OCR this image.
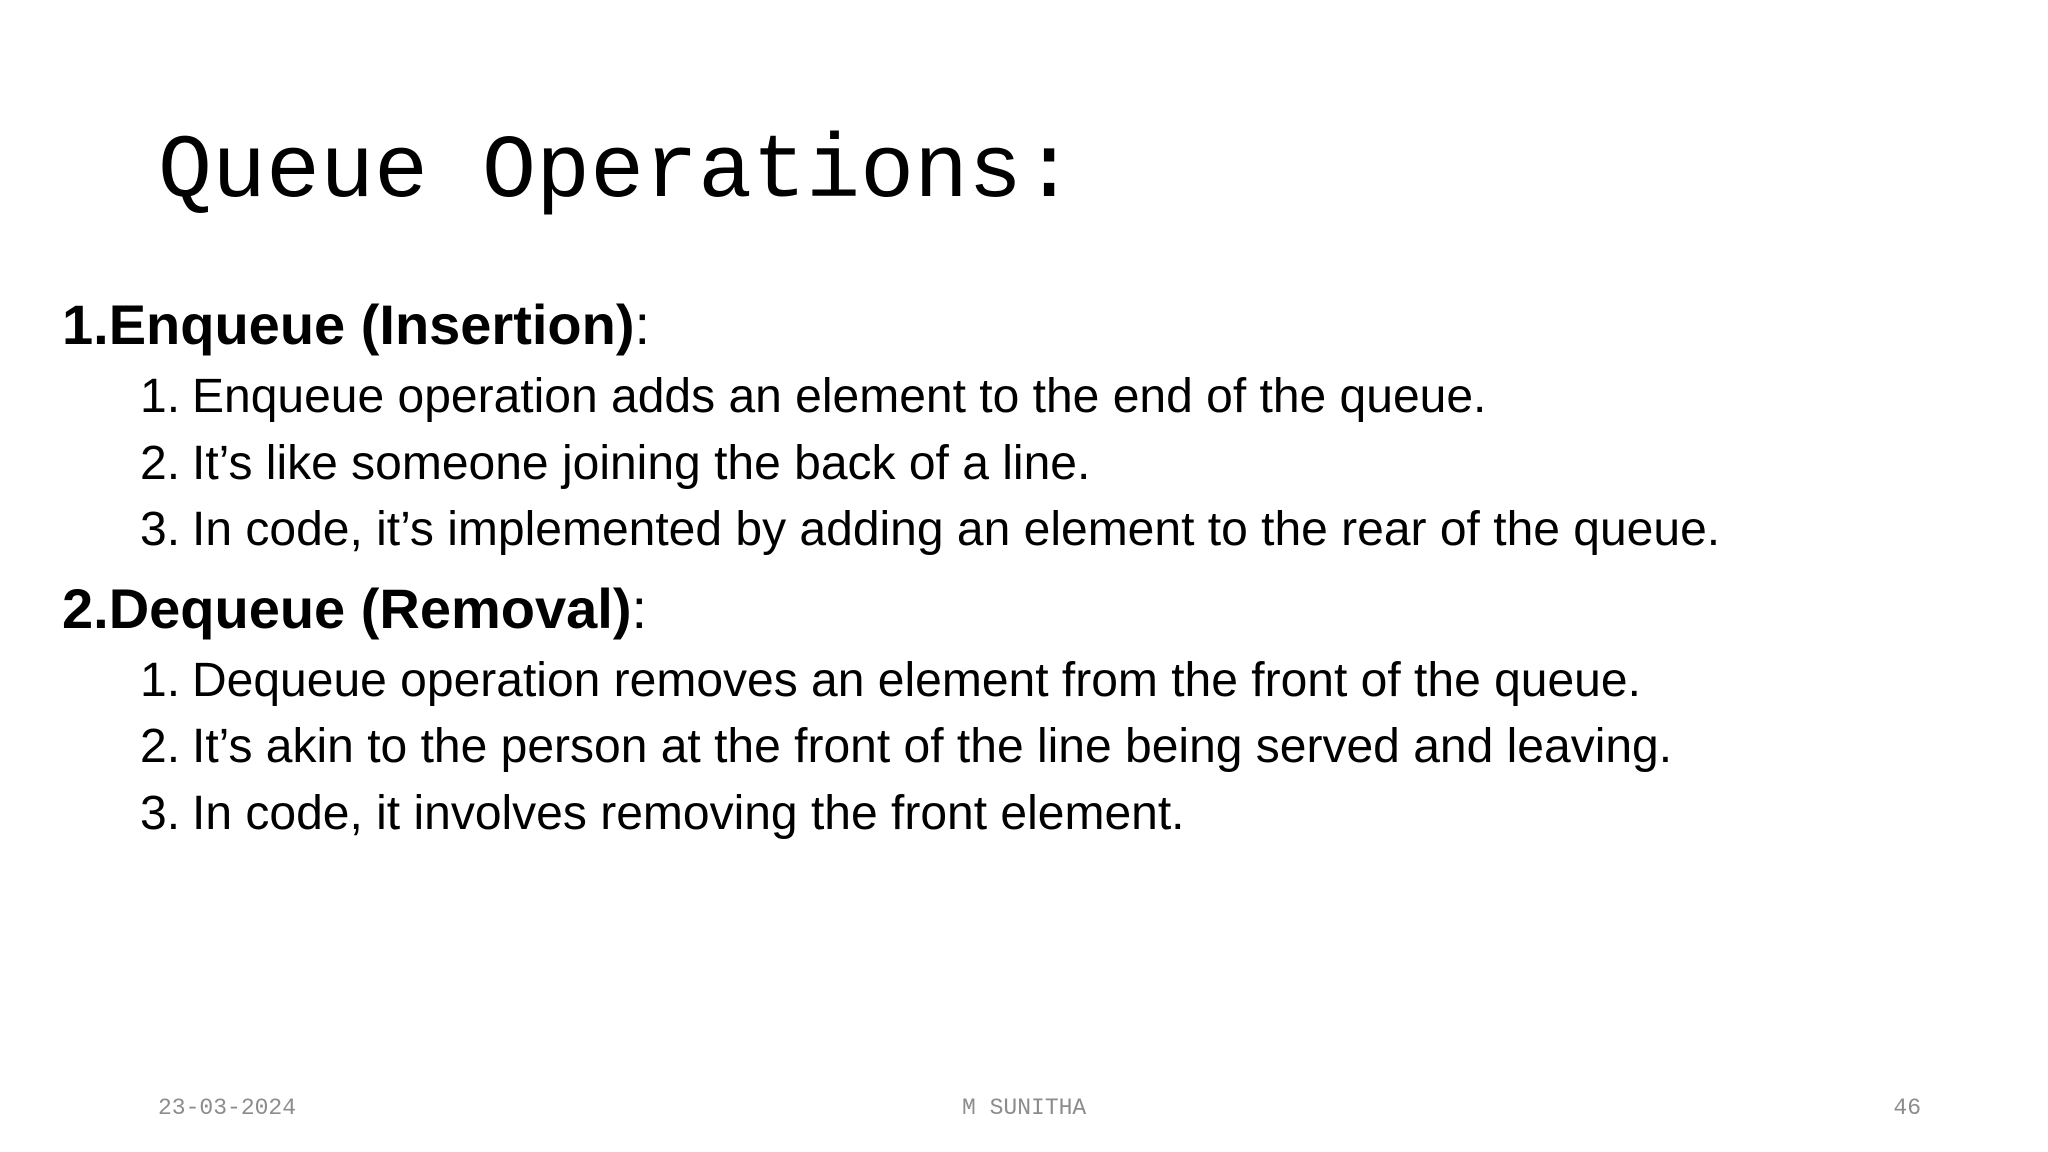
Queue Operations:
1.Enqueue (Insertion):
1. Enqueue operation adds an element to the end of the queue.
2. It’s like someone joining the back of a line.
3. In code, it’s implemented by adding an element to the rear of the queue.
2.Dequeue (Removal):
1. Dequeue operation removes an element from the front of the queue.
2. It’s akin to the person at the front of the line being served and leaving.
3. In code, it involves removing the front element.
23-03-2024	M SUNITHA	46
